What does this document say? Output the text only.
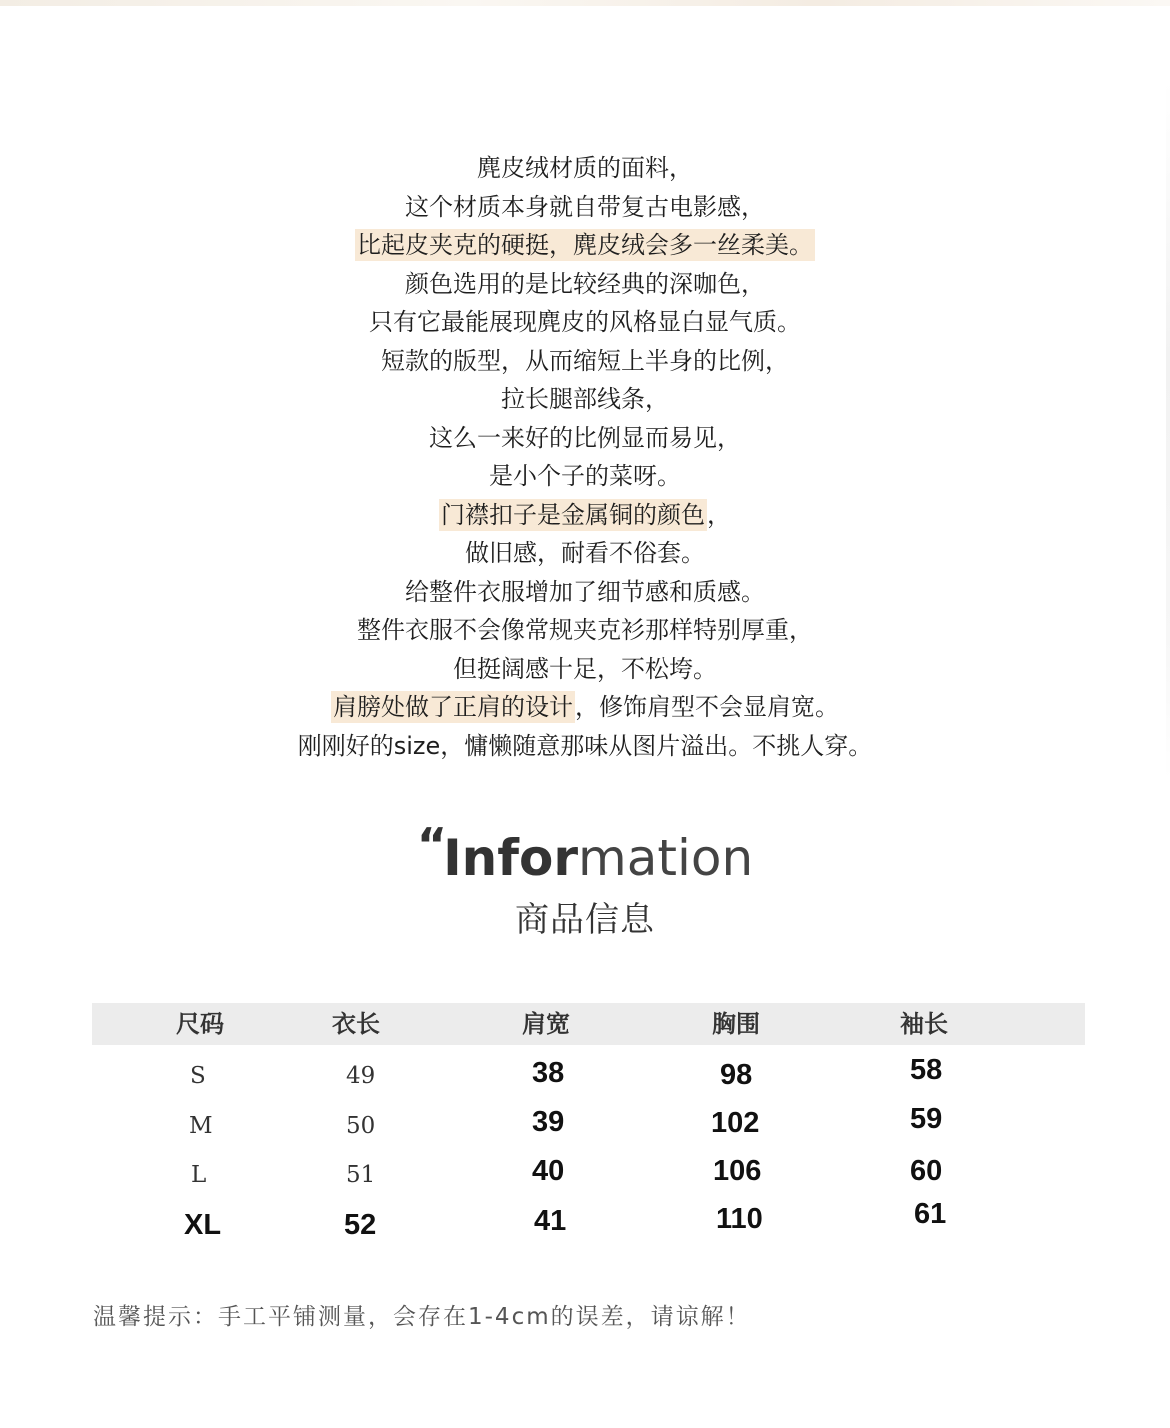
麂皮绒材质的面料，
这个材质本身就自带复古电影感，
比起皮夹克的硬挺，麂皮绒会多一丝柔美。
颜色选用的是比较经典的深咖色，
只有它最能展现麂皮的风格显白显气质。
短款的版型，从而缩短上半身的比例，
拉长腿部线条，
这么一来好的比例显而易见，
是小个子的菜呀。
门襟扣子是金属铜的颜色，
做旧感，耐看不俗套。
给整件衣服增加了细节感和质感。
整件衣服不会像常规夹克衫那样特别厚重，
但挺阔感十足，不松垮。
肩膀处做了正肩的设计，修饰肩型不会显肩宽。
刚刚好的size，慵懒随意那味从图片溢出。不挑人穿。
“Information
商品信息
尺码	衣长	肩宽	胸围	袖长
S	49	38	98	58
M	50	39	102	59
L	51	40	106	60
XL	52	41	110	61
温馨提示：手工平铺测量，会存在1-4cm的误差，请谅解！
